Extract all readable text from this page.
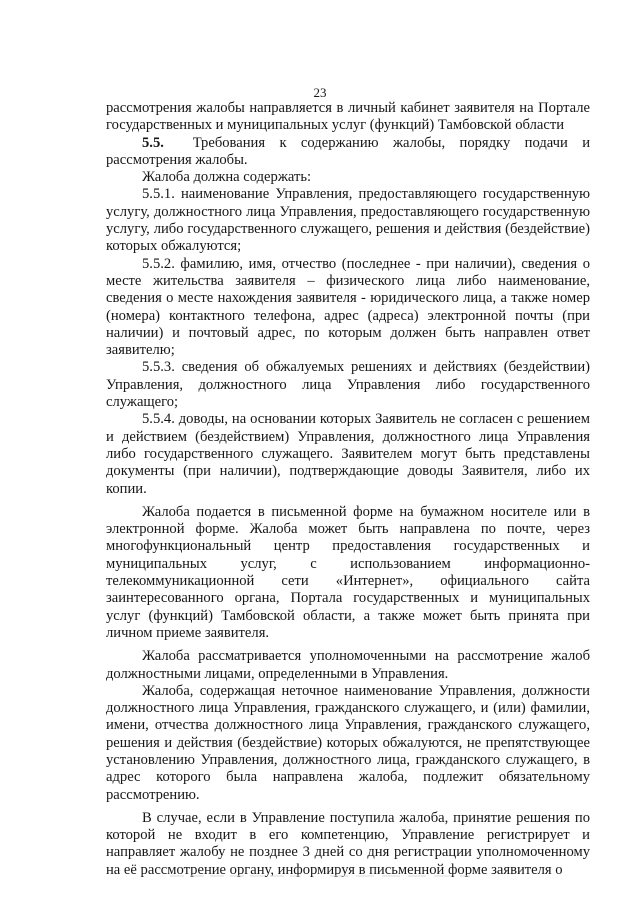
23

рассмотрения жалобы направляется в личный кабинет заявителя на Портале государственных и муниципальных услуг (функций) Тамбовской области

5.5. Требования к содержанию жалобы, порядку подачи и рассмотрения жалобы.

Жалоба должна содержать:

5.5.1. наименование Управления, предоставляющего государственную услугу, должностного лица Управления, предоставляющего государственную услугу, либо государственного служащего, решения и действия (бездействие) которых обжалуются;

5.5.2. фамилию, имя, отчество (последнее - при наличии), сведения о месте жительства заявителя – физического лица либо наименование, сведения о месте нахождения заявителя - юридического лица, а также номер (номера) контактного телефона, адрес (адреса) электронной почты (при наличии) и почтовый адрес, по которым должен быть направлен ответ заявителю;

5.5.3. сведения об обжалуемых решениях и действиях (бездействии) Управления, должностного лица Управления либо государственного служащего;

5.5.4. доводы, на основании которых Заявитель не согласен с решением и действием (бездействием) Управления, должностного лица Управления либо государственного служащего. Заявителем могут быть представлены документы (при наличии), подтверждающие доводы Заявителя, либо их копии.

Жалоба подается в письменной форме на бумажном носителе или в электронной форме. Жалоба может быть направлена по почте, через многофункциональный центр предоставления государственных и муниципальных услуг, с использованием информационно-телекоммуникационной сети «Интернет», официального сайта заинтересованного органа, Портала государственных и муниципальных услуг (функций) Тамбовской области, а также может быть принята при личном приеме заявителя.

Жалоба рассматривается уполномоченными на рассмотрение жалоб должностными лицами, определенными в Управления.

Жалоба, содержащая неточное наименование Управления, должности должностного лица Управления, гражданского служащего, и (или) фамилии, имени, отчества должностного лица Управления, гражданского служащего, решения и действия (бездействие) которых обжалуются, не препятствующее установлению Управления, должностного лица, гражданского служащего, в адрес которого была направлена жалоба, подлежит обязательному рассмотрению.

В случае, если в Управление поступила жалоба, принятие решения по которой не входит в его компетенцию, Управление регистрирует и направляет жалобу не позднее 3 дней со дня регистрации уполномоченному на её рассмотрение органу, информируя в письменной форме заявителя о
